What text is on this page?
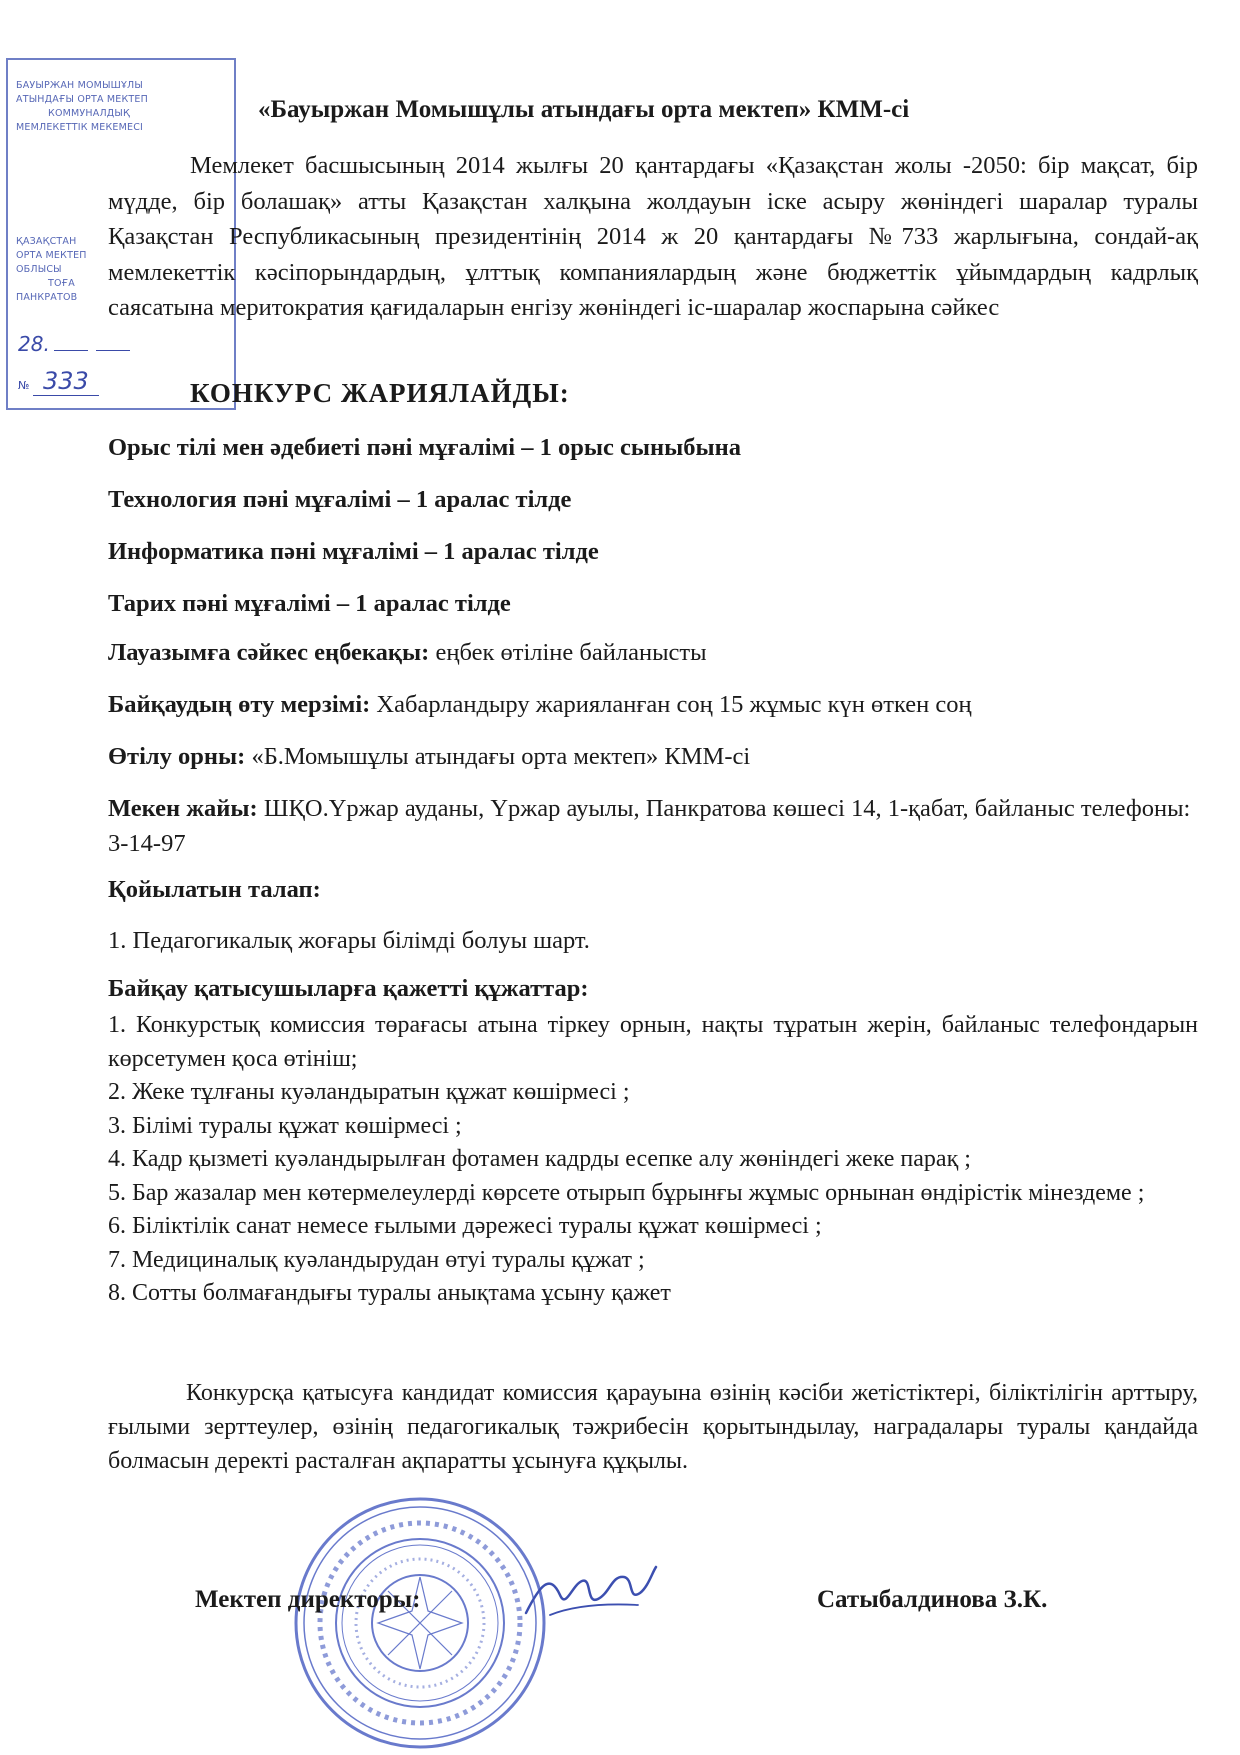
БАУЫРЖАН МОМЫШҰЛЫ
АТЫНДАҒЫ ОРТА МЕКТЕП
КОММУНАЛДЫҚ
МЕМЛЕКЕТТІК МЕКЕМЕСІ
ҚАЗАҚСТАН
ОРТА МЕКТЕП
ОБЛЫСЫ
ТОҒА
ПАНКРАТОВ
28.
№ 333
«Бауыржан Момышұлы атындағы орта мектеп» КММ-сі

Мемлекет басшысының 2014 жылғы 20 қантардағы «Қазақстан жолы -2050: бір мақсат, бір мүдде, бір болашақ» атты Қазақстан халқына жолдауын іске асыру жөніндегі шаралар туралы Қазақстан Республикасының президентінің 2014 ж 20 қантардағы №733 жарлығына, сондай-ақ мемлекеттік кәсіпорындардың, ұлттық компаниялардың және бюджеттік ұйымдардың кадрлық саясатына меритократия қағидаларын енгізу жөніндегі іс-шаралар жоспарына сәйкес

КОНКУРС ЖАРИЯЛАЙДЫ:
Орыс тілі мен әдебиеті пәні мұғалімі – 1 орыс сыныбына
Технология пәні мұғалімі – 1 аралас тілде
Информатика пәні мұғалімі – 1 аралас тілде
Тарих пәні мұғалімі – 1 аралас тілде
Лауазымға сәйкес еңбекақы: еңбек өтіліне байланысты
Байқаудың өту мерзімі: Хабарландыру жарияланған соң 15 жұмыс күн өткен соң
Өтілу орны: «Б.Момышұлы атындағы орта мектеп» КММ-сі
Мекен жайы: ШҚО.Үржар ауданы, Үржар ауылы, Панкратова көшесі 14, 1-қабат, байланыс телефоны: 3-14-97
Қойылатын талап:
1. Педагогикалық жоғары білімді болуы шарт.
Байқау қатысушыларға қажетті құжаттар:
1. Конкурстық комиссия төрағасы атына тіркеу орнын, нақты тұратын жерін, байланыс телефондарын көрсетумен қоса өтініш;
2. Жеке тұлғаны куәландыратын құжат көшірмесі ;
3. Білімі туралы құжат көшірмесі ;
4. Кадр қызметі куәландырылған фотамен кадрды есепке алу жөніндегі жеке парақ ;
5. Бар жазалар мен көтермелеулерді көрсете отырып бұрынғы жұмыс орнынан өндірістік мінездеме ;
6. Біліктілік санат немесе ғылыми дәрежесі туралы құжат көшірмесі ;
7. Медициналық куәландырудан өтуі туралы құжат ;
8. Сотты болмағандығы туралы анықтама ұсыну қажет

Конкурсқа қатысуға кандидат комиссия қарауына өзінің кәсіби жетістіктері, біліктілігін арттыру, ғылыми зерттеулер, өзінің педагогикалық тәжрибесін қорытындылау, наградалары туралы қандайда болмасын деректі расталған ақпаратты ұсынуға құқылы.

Мектеп директоры:	Сатыбалдинова З.К.
